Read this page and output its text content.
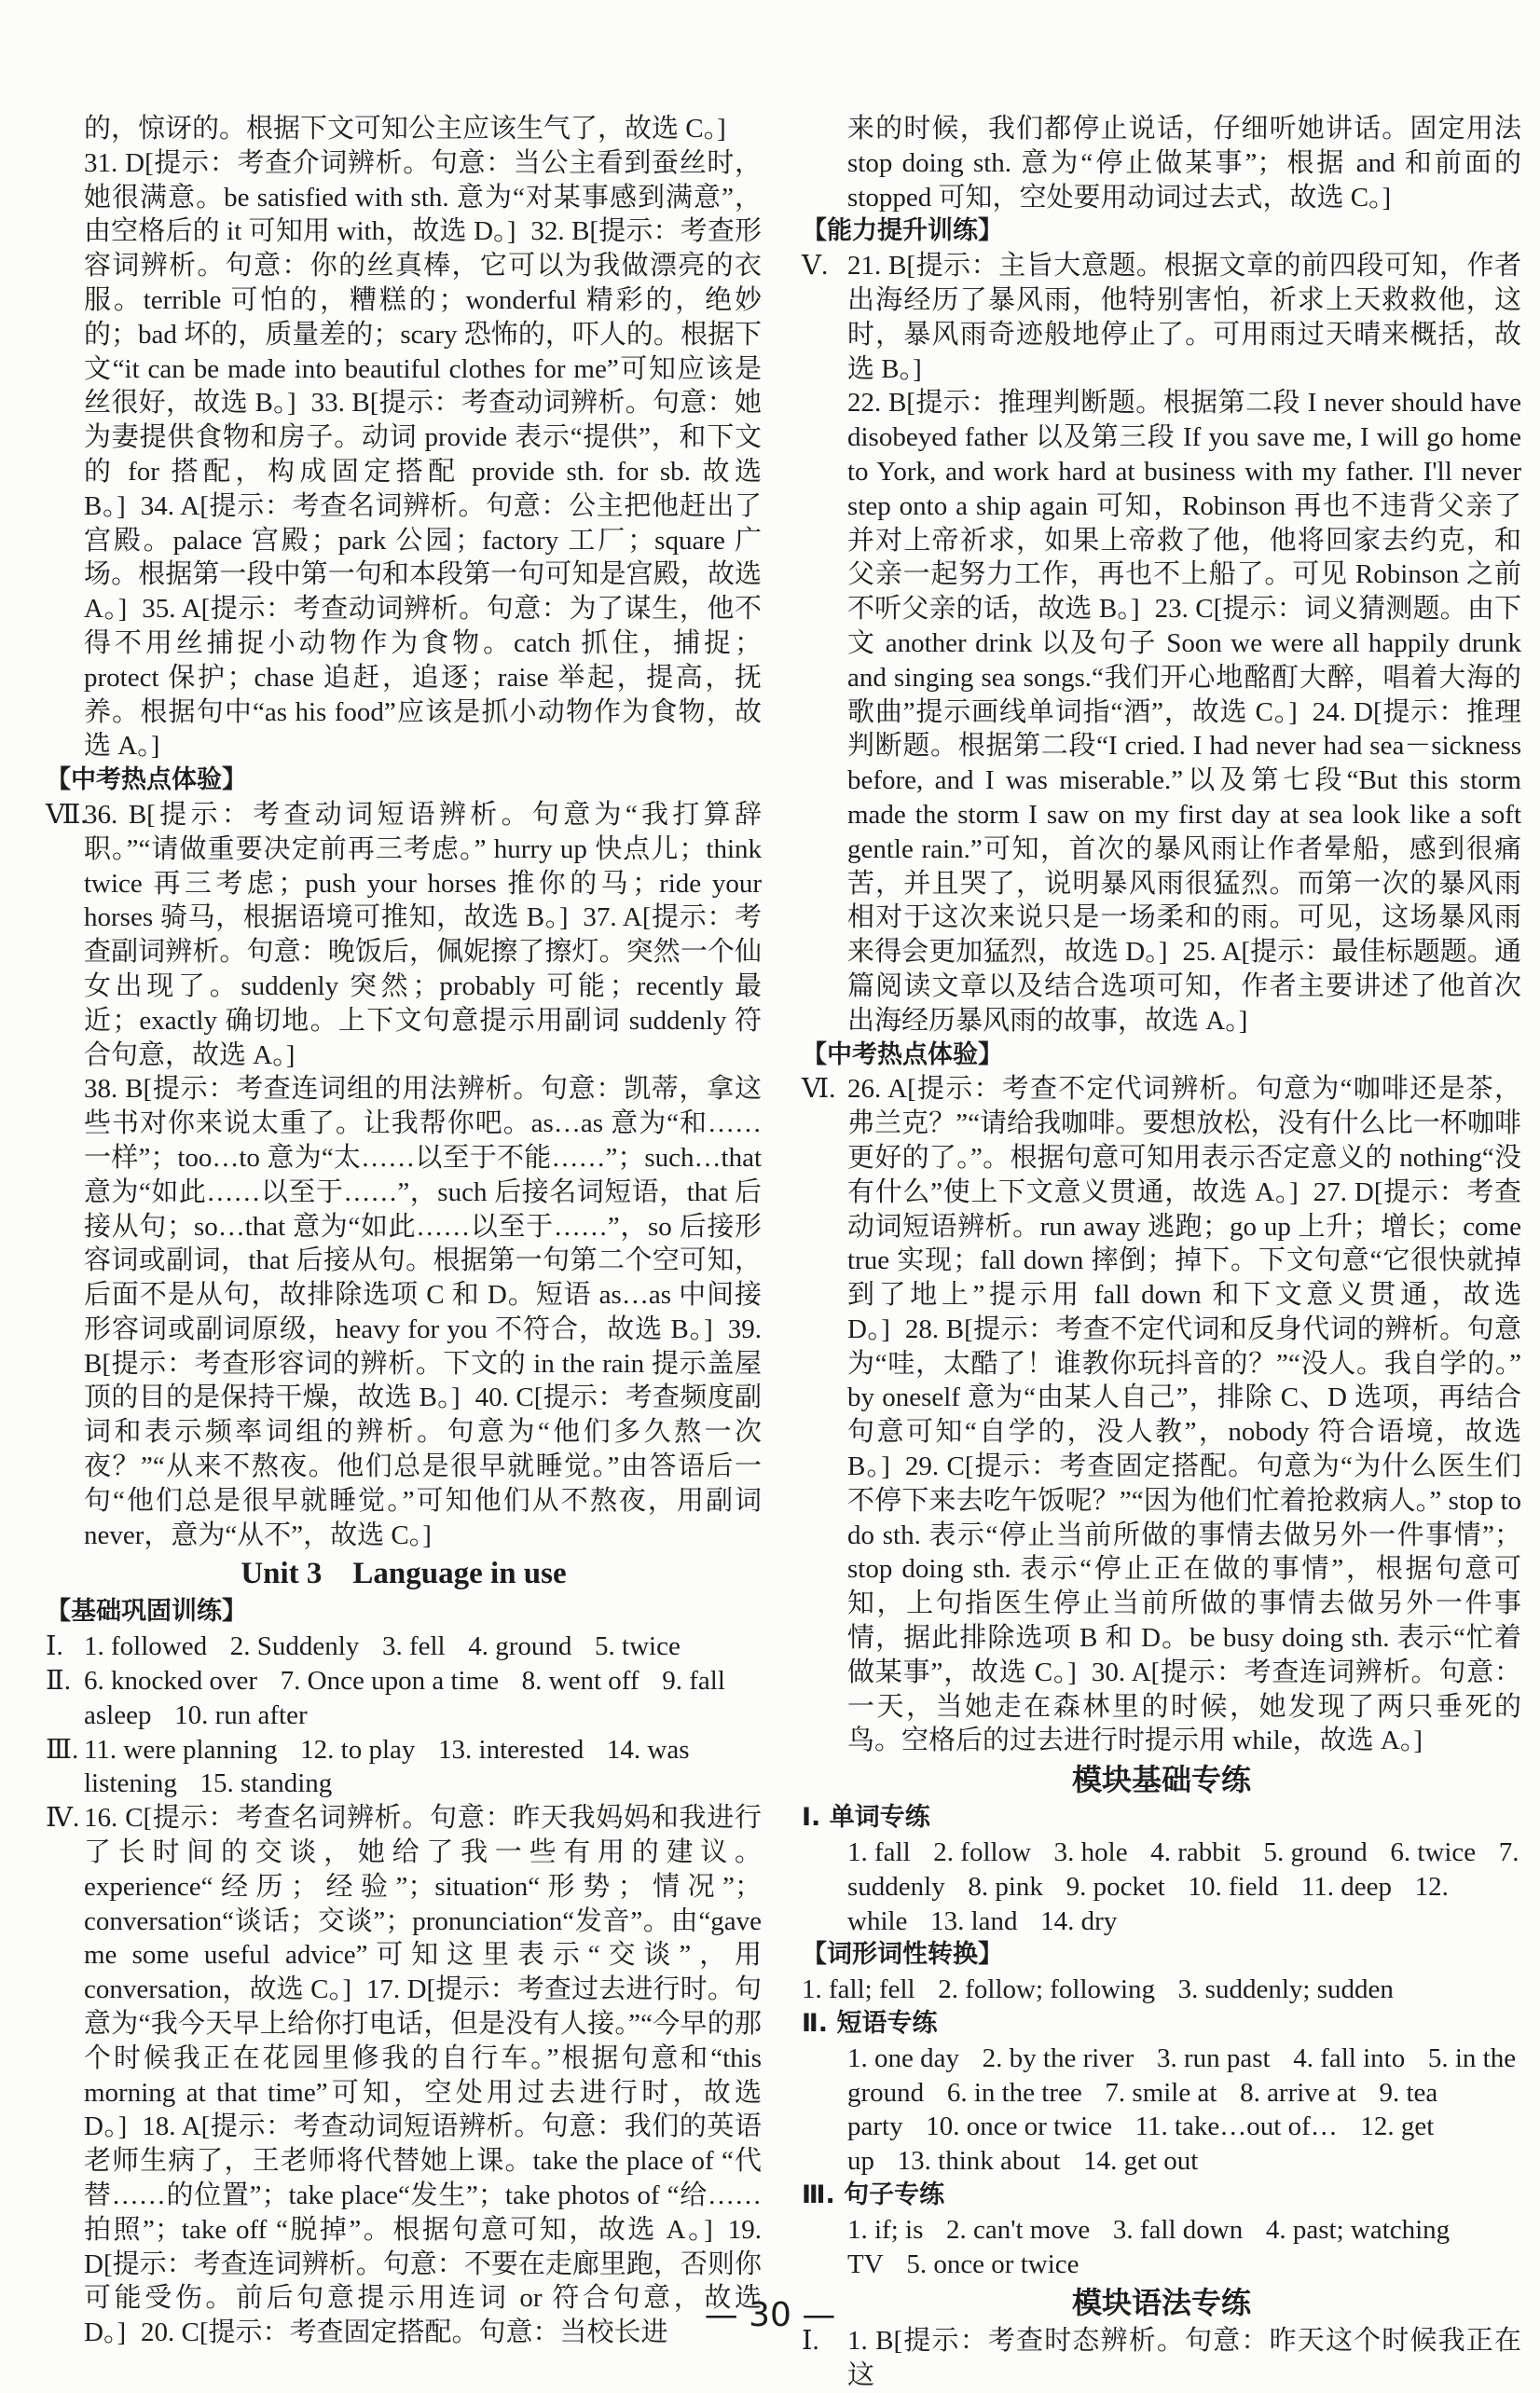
的，惊讶的。根据下文可知公主应该生气了，故选 C。]

31. D[提示：考查介词辨析。句意：当公主看到蚕丝时，她很满意。be satisfied with sth. 意为“对某事感到满意”，由空格后的 it 可知用 with，故选 D。] 32. B[提示：考查形容词辨析。句意：你的丝真棒，它可以为我做漂亮的衣服。terrible 可怕的，糟糕的；wonderful 精彩的，绝妙的；bad 坏的，质量差的；scary 恐怖的，吓人的。根据下文“it can be made into beautiful clothes for me”可知应该是丝很好，故选 B。] 33. B[提示：考查动词辨析。句意：她为妻提供食物和房子。动词 provide 表示“提供”，和下文的 for 搭配，构成固定搭配 provide sth. for sb. 故选 B。] 34. A[提示：考查名词辨析。句意：公主把他赶出了宫殿。palace 宫殿；park 公园；factory 工厂；square 广场。根据第一段中第一句和本段第一句可知是宫殿，故选 A。] 35. A[提示：考查动词辨析。句意：为了谋生，他不得不用丝捕捉小动物作为食物。catch 抓住，捕捉；protect 保护；chase 追赶，追逐；raise 举起，提高，抚养。根据句中“as his food”应该是抓小动物作为食物，故选 A。]

【中考热点体验】

Ⅶ.36. B[提示：考查动词短语辨析。句意为“我打算辞职。”“请做重要决定前再三考虑。” hurry up 快点儿；think twice 再三考虑；push your horses 推你的马；ride your horses 骑马，根据语境可推知，故选 B。] 37. A[提示：考查副词辨析。句意：晚饭后，佩妮擦了擦灯。突然一个仙女出现了。suddenly 突然；probably 可能；recently 最近；exactly 确切地。上下文句意提示用副词 suddenly 符合句意，故选 A。]

38. B[提示：考查连词组的用法辨析。句意：凯蒂，拿这些书对你来说太重了。让我帮你吧。as…as 意为“和……一样”；too…to 意为“太……以至于不能……”；such…that 意为“如此……以至于……”，such 后接名词短语，that 后接从句；so…that 意为“如此……以至于……”，so 后接形容词或副词，that 后接从句。根据第一句第二个空可知，后面不是从句，故排除选项 C 和 D。短语 as…as 中间接形容词或副词原级，heavy for you 不符合，故选 B。] 39. B[提示：考查形容词的辨析。下文的 in the rain 提示盖屋顶的目的是保持干燥，故选 B。] 40. C[提示：考查频度副词和表示频率词组的辨析。句意为“他们多久熬一次夜？”“从来不熬夜。他们总是很早就睡觉。”由答语后一句“他们总是很早就睡觉。”可知他们从不熬夜，用副词 never，意为“从不”，故选 C。]

Unit 3　Language in use

【基础巩固训练】

Ⅰ. 1. followed 2. Suddenly 3. fell 4. ground 5. twice

Ⅱ. 6. knocked over 7. Once upon a time 8. went off 9. fall asleep 10. run after

Ⅲ. 11. were planning 12. to play 13. interested 14. was listening 15. standing

Ⅳ. 16. C[提示：考查名词辨析。句意：昨天我妈妈和我进行了长时间的交谈，她给了我一些有用的建议。experience“经历；经验”；situation“形势；情况”；conversation“谈话；交谈”；pronunciation“发音”。由“gave me some useful advice”可知这里表示“交谈”，用 conversation，故选 C。] 17. D[提示：考查过去进行时。句意为“我今天早上给你打电话，但是没有人接。”“今早的那个时候我正在花园里修我的自行车。”根据句意和“this morning at that time”可知，空处用过去进行时，故选 D。] 18. A[提示：考查动词短语辨析。句意：我们的英语老师生病了，王老师将代替她上课。take the place of “代替……的位置”；take place“发生”；take photos of “给……拍照”；take off “脱掉”。根据句意可知，故选 A。] 19. D[提示：考查连词辨析。句意：不要在走廊里跑，否则你可能受伤。前后句意提示用连词 or 符合句意，故选 D。] 20. C[提示：考查固定搭配。句意：当校长进

来的时候，我们都停止说话，仔细听她讲话。固定用法 stop doing sth. 意为“停止做某事”；根据 and 和前面的 stopped 可知，空处要用动词过去式，故选 C。]

【能力提升训练】

Ⅴ. 21. B[提示：主旨大意题。根据文章的前四段可知，作者出海经历了暴风雨，他特别害怕，祈求上天救救他，这时，暴风雨奇迹般地停止了。可用雨过天晴来概括，故选 B。]

22. B[提示：推理判断题。根据第二段 I never should have disobeyed father 以及第三段 If you save me, I will go home to York, and work hard at business with my father. I'll never step onto a ship again 可知，Robinson 再也不违背父亲了并对上帝祈求，如果上帝救了他，他将回家去约克，和父亲一起努力工作，再也不上船了。可见 Robinson 之前不听父亲的话，故选 B。] 23. C[提示：词义猜测题。由下文 another drink 以及句子 Soon we were all happily drunk and singing sea songs.“我们开心地酩酊大醉，唱着大海的歌曲”提示画线单词指“酒”，故选 C。] 24. D[提示：推理判断题。根据第二段“I cried. I had never had sea－sickness before, and I was miserable.”以及第七段“But this storm made the storm I saw on my first day at sea look like a soft gentle rain.”可知，首次的暴风雨让作者晕船，感到很痛苦，并且哭了，说明暴风雨很猛烈。而第一次的暴风雨相对于这次来说只是一场柔和的雨。可见，这场暴风雨来得会更加猛烈，故选 D。] 25. A[提示：最佳标题题。通篇阅读文章以及结合选项可知，作者主要讲述了他首次出海经历暴风雨的故事，故选 A。]

【中考热点体验】

Ⅵ. 26. A[提示：考查不定代词辨析。句意为“咖啡还是茶，弗兰克？”“请给我咖啡。要想放松，没有什么比一杯咖啡更好的了。”。根据句意可知用表示否定意义的 nothing“没有什么”使上下文意义贯通，故选 A。] 27. D[提示：考查动词短语辨析。run away 逃跑；go up 上升；增长；come true 实现；fall down 摔倒；掉下。下文句意“它很快就掉到了地上”提示用 fall down 和下文意义贯通，故选 D。] 28. B[提示：考查不定代词和反身代词的辨析。句意为“哇，太酷了！谁教你玩抖音的？”“没人。我自学的。” by oneself 意为“由某人自己”，排除 C、D 选项，再结合句意可知“自学的，没人教”，nobody 符合语境，故选 B。] 29. C[提示：考查固定搭配。句意为“为什么医生们不停下来去吃午饭呢？”“因为他们忙着抢救病人。” stop to do sth. 表示“停止当前所做的事情去做另外一件事情”；stop doing sth. 表示“停止正在做的事情”，根据句意可知，上句指医生停止当前所做的事情去做另外一件事情，据此排除选项 B 和 D。be busy doing sth. 表示“忙着做某事”，故选 C。] 30. A[提示：考查连词辨析。句意：一天，当她走在森林里的时候，她发现了两只垂死的鸟。空格后的过去进行时提示用 while，故选 A。]

模块基础专练

Ⅰ. 单词专练

1. fall 2. follow 3. hole 4. rabbit 5. ground 6. twice 7. suddenly 8. pink 9. pocket 10. field 11. deep 12. while 13. land 14. dry

【词形词性转换】

1. fall; fell 2. follow; following 3. suddenly; sudden

Ⅱ. 短语专练

1. one day 2. by the river 3. run past 4. fall into 5. in the ground 6. in the tree 7. smile at 8. arrive at 9. tea party 10. once or twice 11. take…out of… 12. get up 13. think about 14. get out

Ⅲ. 句子专练

1. if; is 2. can't move 3. fall down 4. past; watching TV 5. once or twice

模块语法专练

Ⅰ. 1. B[提示：考查时态辨析。句意：昨天这个时候我正在这

— 30 —
